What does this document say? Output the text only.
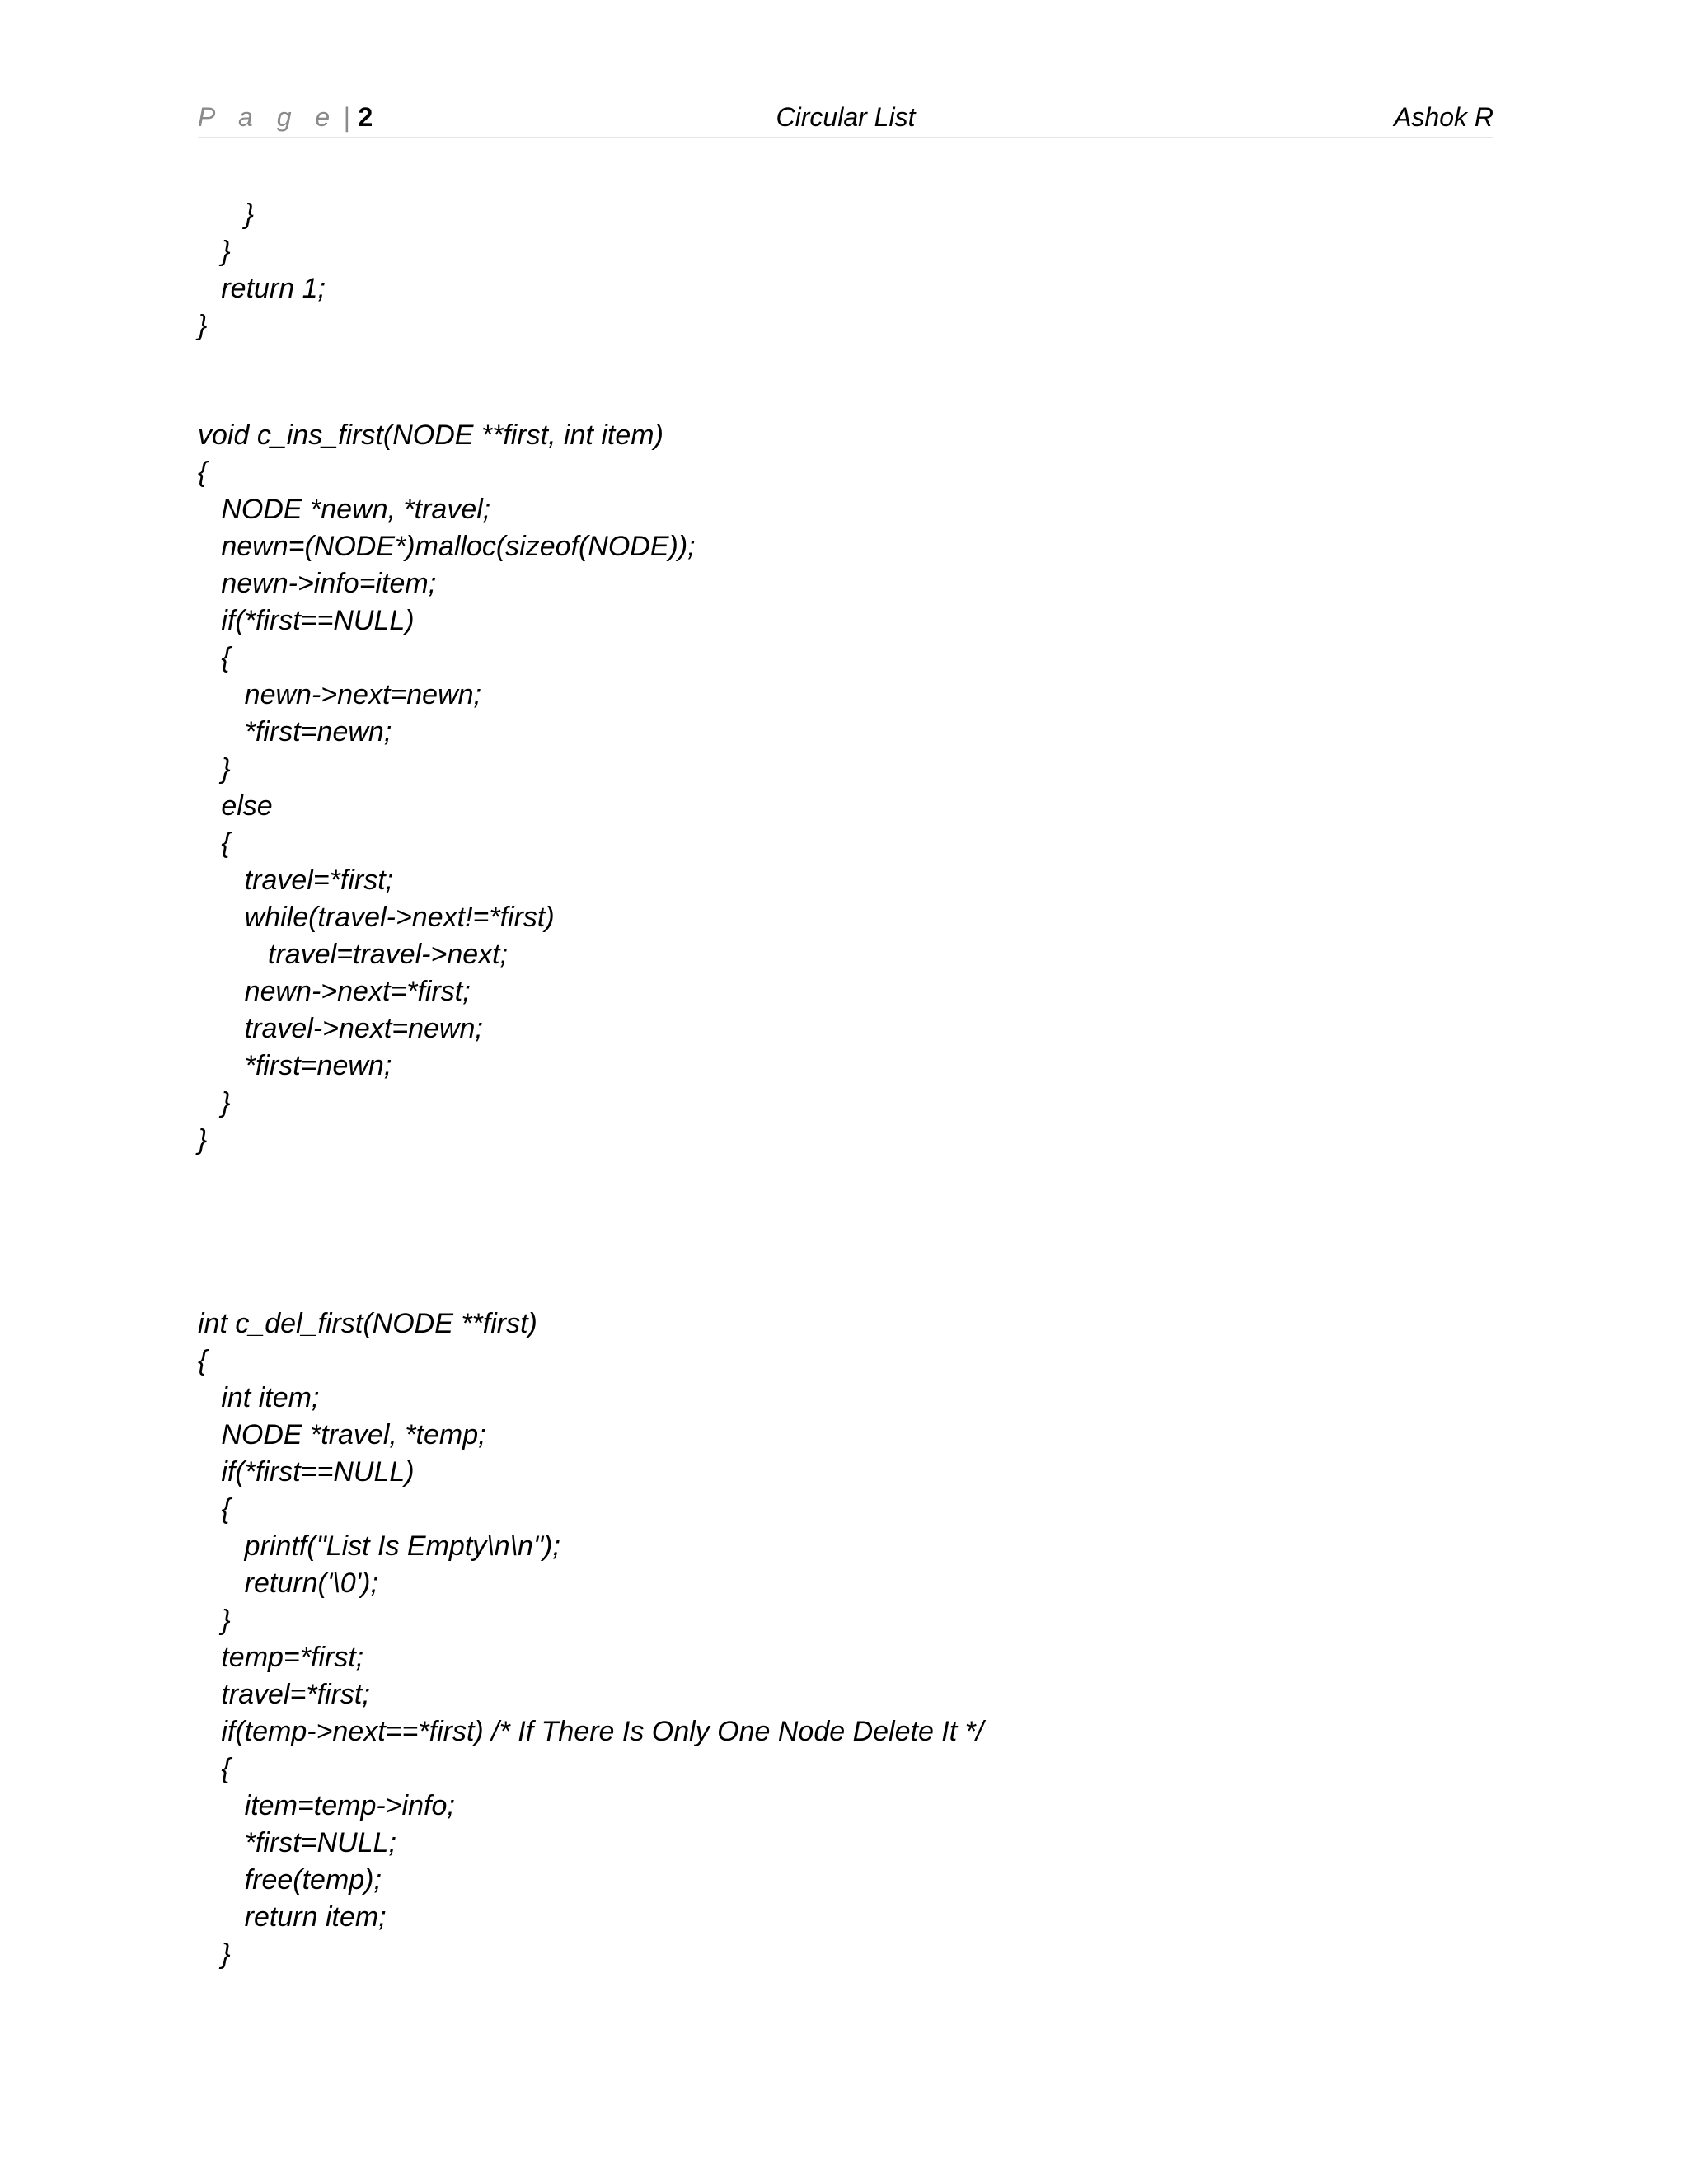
P a g e | 2	Circular List	Ashok R
}
}
return 1;
}
void c_ins_first(NODE **first, int item)
{
NODE *newn, *travel;
newn=(NODE*)malloc(sizeof(NODE));
newn->info=item;
if(*first==NULL)
{
newn->next=newn;
*first=newn;
}
else
{
travel=*first;
while(travel->next!=*first)
travel=travel->next;
newn->next=*first;
travel->next=newn;
*first=newn;
}
}
int c_del_first(NODE **first)
{
int item;
NODE *travel, *temp;
if(*first==NULL)
{
printf("List Is Empty\n\n");
return('\0');
}
temp=*first;
travel=*first;
if(temp->next==*first) /* If There Is Only One Node Delete It */
{
item=temp->info;
*first=NULL;
free(temp);
return item;
}
